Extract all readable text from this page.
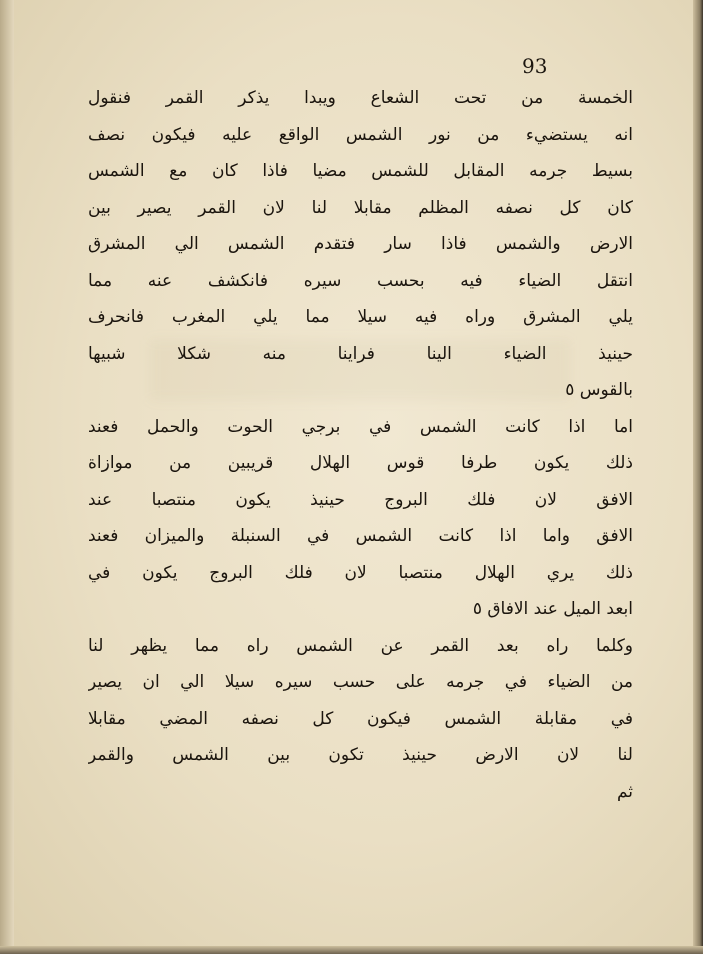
93
الخمسة من تحت الشعاع ويبدا يذكر القمر فنقول
انه يستضيء من نور الشمس الواقع عليه فيكون نصف
بسيط جرمه المقابل للشمس مضيا فاذا كان مع الشمس
كان كل نصفه المظلم مقابلا لنا لان القمر يصير بين
الارض والشمس فاذا سار فتقدم الشمس الي المشرق
انتقل الضياء فيه بحسب سيره فانكشف عنه مما
يلي المشرق وراه فيه سيلا مما يلي المغرب فانحرف
حينيذ الضياء الينا فراينا منه شكلا شبيها
بالقوس ٥
اما اذا كانت الشمس في برجي الحوت والحمل فعند
ذلك يكون طرفا قوس الهلال قريبين من موازاة
الافق لان فلك البروج حينيذ يكون منتصبا عند
الافق واما اذا كانت الشمس في السنبلة والميزان فعند
ذلك يري الهلال منتصبا لان فلك البروج يكون في
ابعد الميل عند الافاق ٥
وكلما راه بعد القمر عن الشمس راه مما يظهر لنا
من الضياء في جرمه على حسب سيره سيلا الي ان يصير
في مقابلة الشمس فيكون كل نصفه المضي مقابلا
لنا لان الارض حينيذ تكون بين الشمس والقمر
ثم
